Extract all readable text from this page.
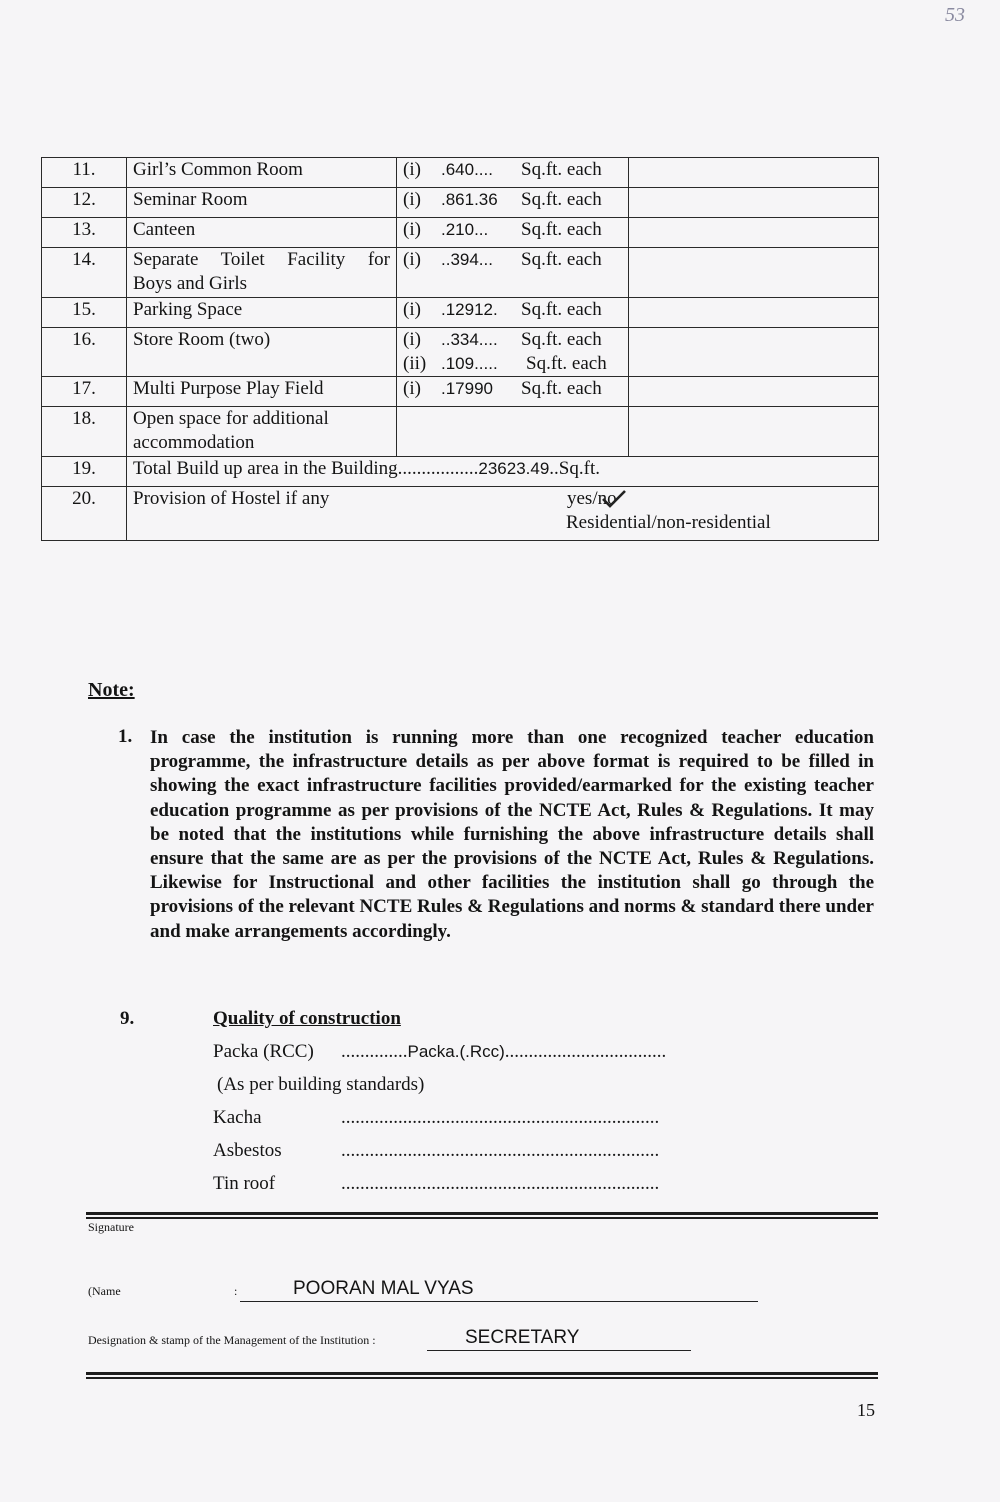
53
11.	Girl’s Common Room	(i) .640.... Sq.ft. each	

12.	Seminar Room	(i) .861.36 Sq.ft. each	

13.	Canteen	(i) .210... Sq.ft. each	

14.	Separate Toilet Facility for
Boys and Girls	(i) ..394... Sq.ft. each	

15.	Parking Space	(i) .12912. Sq.ft. each	

16.	Store Room (two)	(i) ..334.... Sq.ft. each
(ii) .109..... Sq.ft. each	

17.	Multi Purpose Play Field	(i) .17990 Sq.ft. each	

18.	Open space for additional
accommodation		

19.	Total Build up area in the Building.................23623.49..Sq.ft.		

20.	Provision of Hostel if any yes/no
Residential/non-residential		
Note:
1. In case the institution is running more than one recognized teacher education programme, the infrastructure details as per above format is required to be filled in showing the exact infrastructure facilities provided/earmarked for the existing teacher education programme as per provisions of the NCTE Act, Rules & Regulations. It may be noted that the institutions while furnishing the above infrastructure details shall ensure that the same are as per the provisions of the NCTE Act, Rules & Regulations. Likewise for Instructional and other facilities the institution shall go through the provisions of the relevant NCTE Rules & Regulations and norms & standard there under and make arrangements accordingly.
9.	Quality of construction
Packa (RCC) ..............Packa.(.Rcc)..................................
(As per building standards)
Kacha	...................................................................
Asbestos	...................................................................
Tin roof	...................................................................
Signature
(Name	:	POORAN MAL VYAS
Designation & stamp of the Management of the Institution :	SECRETARY
15
